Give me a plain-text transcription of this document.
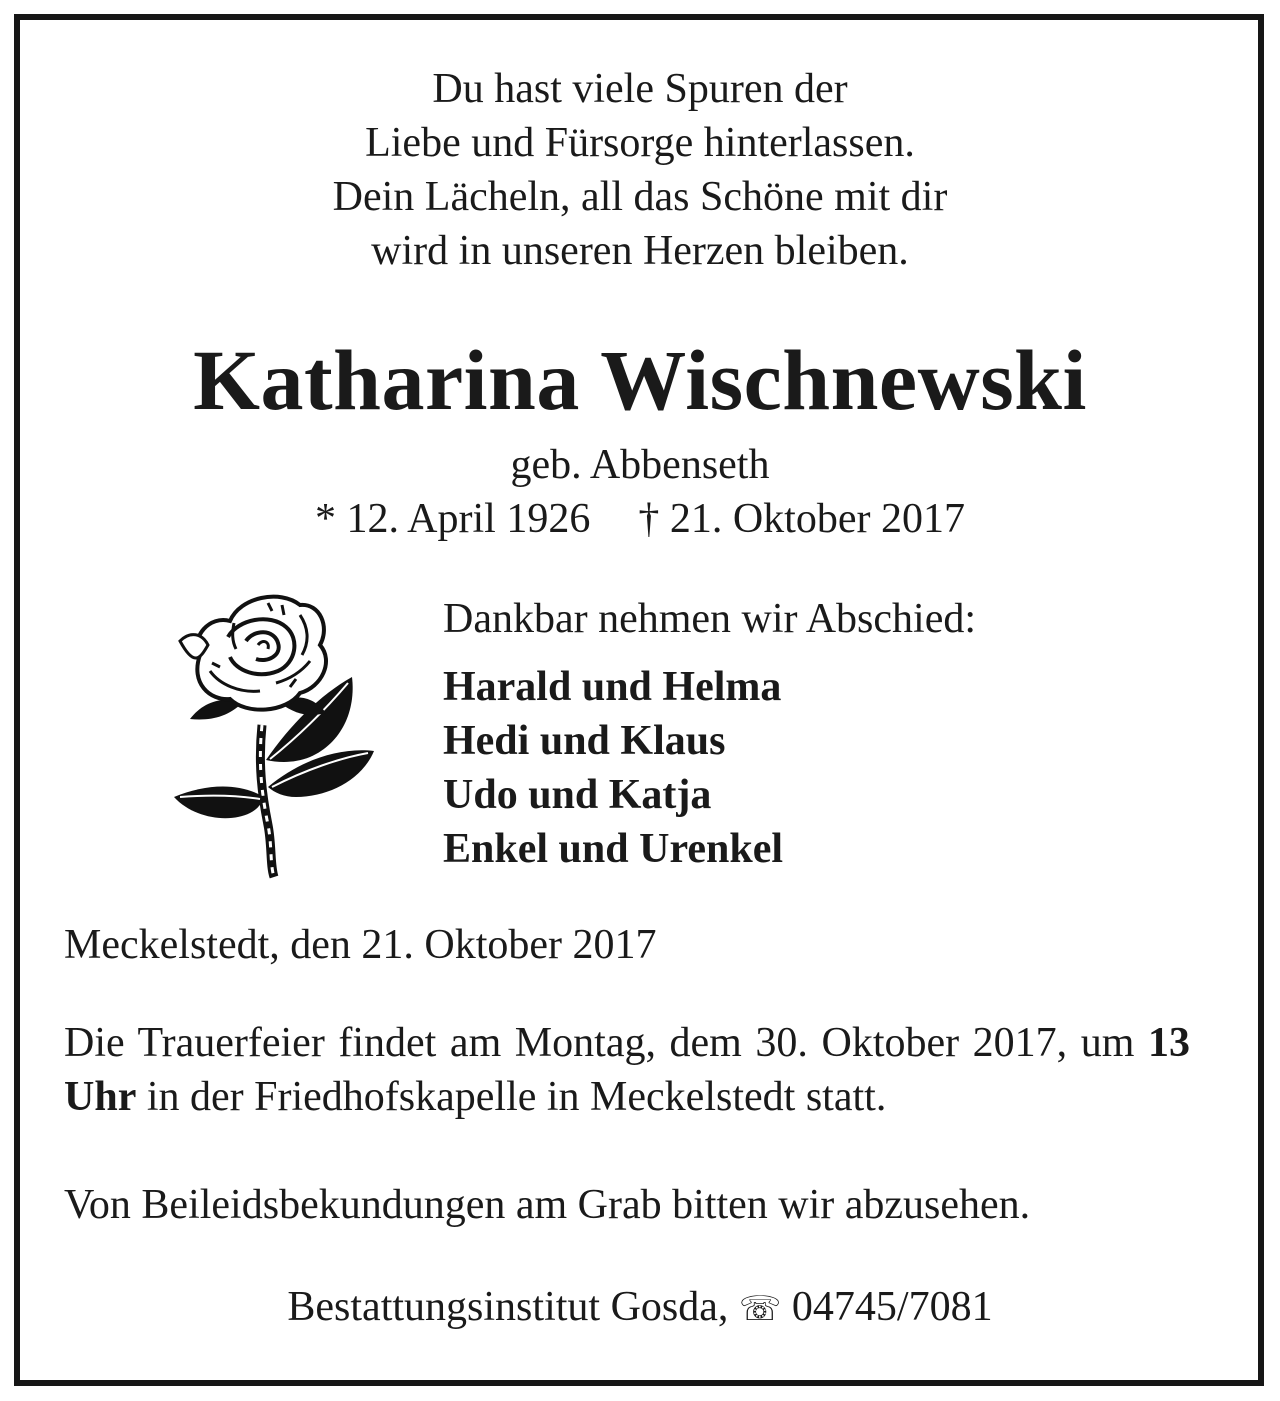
Du hast viele Spuren der
Liebe und Fürsorge hinterlassen.
Dein Lächeln, all das Schöne mit dir
wird in unseren Herzen bleiben.
Katharina Wischnewski
geb. Abbenseth
* 12. April 1926 † 21. Oktober 2017
Dankbar nehmen wir Abschied:
Harald und Helma
Hedi und Klaus
Udo und Katja
Enkel und Urenkel
Meckelstedt, den 21. Oktober 2017
Die Trauerfeier findet am Montag, dem 30. Oktober 2017, um 13 Uhr in der Friedhofskapelle in Meckelstedt statt.
Von Beileidsbekundungen am Grab bitten wir abzusehen.
Bestattungsinstitut Gosda, ☏ 04745/7081
